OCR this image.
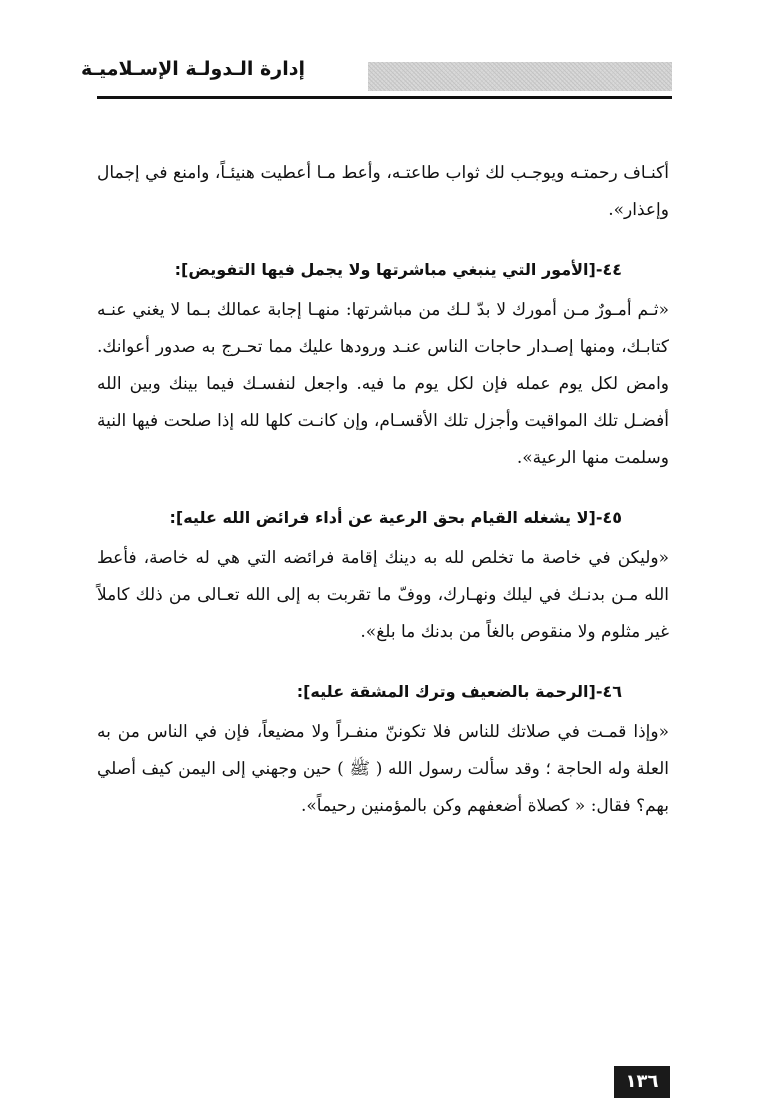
إدارة الـدولـة الإسـلاميـة

أكنـاف رحمتـه ويوجـب لك ثواب طاعتـه، وأعط مـا أعطيت هنيئـاً، وامنع في إجمال وإعذار».

٤٤-[الأمور التي ينبغي مباشرتها ولا يجمل فيها التفويض]:

«ثـم أمـورٌ مـن أمورك لا بدّ لـك من مباشرتها: منهـا إجابة عمالك بـما لا يغني عنـه كتابـك، ومنها إصـدار حاجات الناس عنـد ورودها عليك مما تحـرج به صدور أعوانك. وامض لكل يوم عمله فإن لكل يوم ما فيه. واجعل لنفسـك فيما بينك وبين الله أفضـل تلك المواقيت وأجزل تلك الأقسـام، وإن كانـت كلها لله إذا صلحت فيها النية وسلمت منها الرعية».

٤٥-[لا يشغله القيام بحق الرعية عن أداء فرائض الله عليه]:

«وليكن في خاصة ما تخلص لله به دينك إقامة فرائضه التي هي له خاصة، فأعط الله مـن بدنـك في ليلك ونهـارك، ووفّ ما تقربت به إلى الله تعـالى من ذلك كاملاً غير مثلوم ولا منقوص بالغاً من بدنك ما بلغ».

٤٦-[الرحمة بالضعيف وترك المشقة عليه]:

«وإذا قمـت في صلاتك للناس فلا تكوننّ منفـراً ولا مضيعاً، فإن في الناس من به العلة وله الحاجة ؛ وقد سألت رسول الله ( ﷺ ) حين وجهني إلى اليمن كيف أصلي بهم؟ فقال: « كصلاة أضعفهم وكن بالمؤمنين رحيماً».

١٣٦
